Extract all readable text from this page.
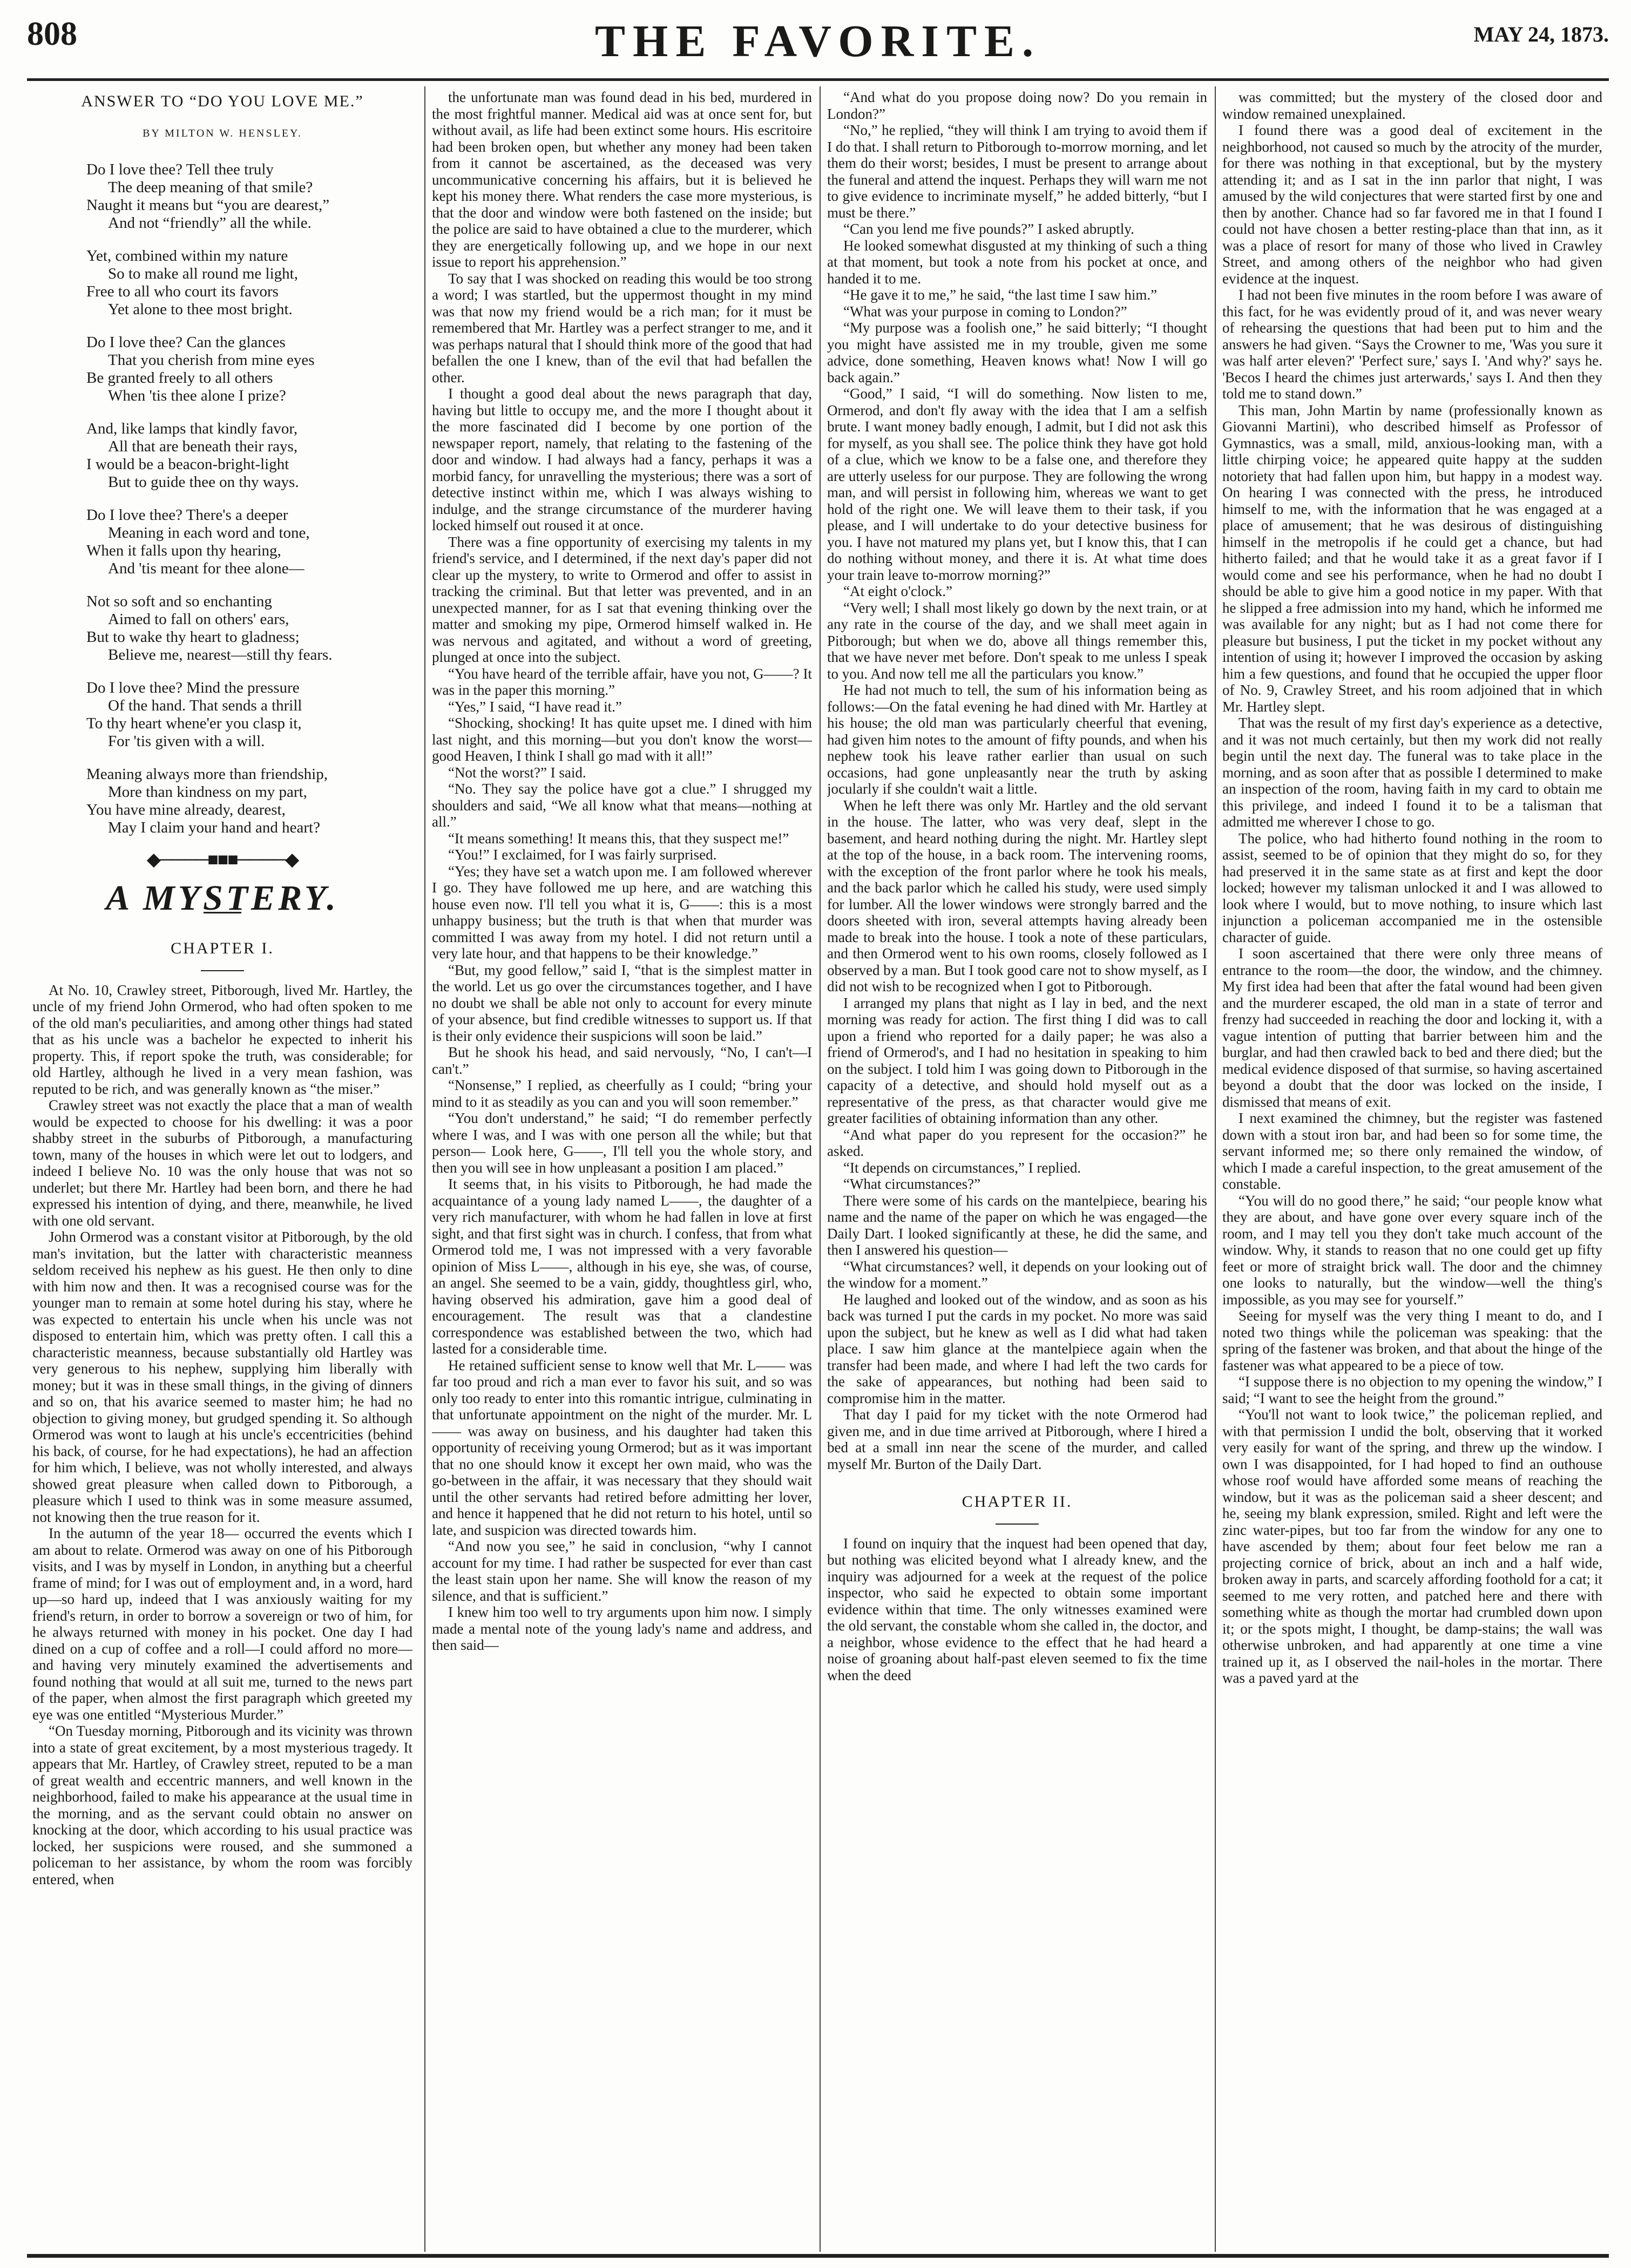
808	THE FAVORITE.	MAY 24, 1873.
ANSWER TO “DO YOU LOVE ME.”
BY MILTON W. HENSLEY.
Do I love thee? Tell thee truly
The deep meaning of that smile?
Naught it means but “you are dearest,”
And not “friendly” all the while.
Yet, combined within my nature
So to make all round me light,
Free to all who court its favors
Yet alone to thee most bright.
Do I love thee? Can the glances
That you cherish from mine eyes
Be granted freely to all others
When 'tis thee alone I prize?
And, like lamps that kindly favor,
All that are beneath their rays,
I would be a beacon-bright-light
But to guide thee on thy ways.
Do I love thee? There's a deeper
Meaning in each word and tone,
When it falls upon thy hearing,
And 'tis meant for thee alone—
Not so soft and so enchanting
Aimed to fall on others' ears,
But to wake thy heart to gladness;
Believe me, nearest—still thy fears.
Do I love thee? Mind the pressure
Of the hand. That sends a thrill
To thy heart whene'er you clasp it,
For 'tis given with a will.
Meaning always more than friendship,
More than kindness on my part,
You have mine already, dearest,
May I claim your hand and heart?
◆────■■■────◆
A MYSTERY.
CHAPTER I.

At No. 10, Crawley street, Pitborough, lived Mr. Hartley, the uncle of my friend John Ormerod, who had often spoken to me of the old man's peculiarities, and among other things had stated that as his uncle was a bachelor he expected to inherit his property. This, if report spoke the truth, was considerable; for old Hartley, although he lived in a very mean fashion, was reputed to be rich, and was generally known as “the miser.”

Crawley street was not exactly the place that a man of wealth would be expected to choose for his dwelling: it was a poor shabby street in the suburbs of Pitborough, a manufacturing town, many of the houses in which were let out to lodgers, and indeed I believe No. 10 was the only house that was not so underlet; but there Mr. Hartley had been born, and there he had expressed his intention of dying, and there, meanwhile, he lived with one old servant.

John Ormerod was a constant visitor at Pitborough, by the old man's invitation, but the latter with characteristic meanness seldom received his nephew as his guest. He then only to dine with him now and then. It was a recognised course was for the younger man to remain at some hotel during his stay, where he was expected to entertain his uncle when his uncle was not disposed to entertain him, which was pretty often. I call this a characteristic meanness, because substantially old Hartley was very generous to his nephew, supplying him liberally with money; but it was in these small things, in the giving of dinners and so on, that his avarice seemed to master him; he had no objection to giving money, but grudged spending it. So although Ormerod was wont to laugh at his uncle's eccentricities (behind his back, of course, for he had expectations), he had an affection for him which, I believe, was not wholly interested, and always showed great pleasure when called down to Pitborough, a pleasure which I used to think was in some measure assumed, not knowing then the true reason for it.

In the autumn of the year 18— occurred the events which I am about to relate. Ormerod was away on one of his Pitborough visits, and I was by myself in London, in anything but a cheerful frame of mind; for I was out of employment and, in a word, hard up—so hard up, indeed that I was anxiously waiting for my friend's return, in order to borrow a sovereign or two of him, for he always returned with money in his pocket. One day I had dined on a cup of coffee and a roll—I could afford no more—and having very minutely examined the advertisements and found nothing that would at all suit me, turned to the news part of the paper, when almost the first paragraph which greeted my eye was one entitled “Mysterious Murder.”

“On Tuesday morning, Pitborough and its vicinity was thrown into a state of great excitement, by a most mysterious tragedy. It appears that Mr. Hartley, of Crawley street, reputed to be a man of great wealth and eccentric manners, and well known in the neighborhood, failed to make his appearance at the usual time in the morning, and as the servant could obtain no answer on knocking at the door, which according to his usual practice was locked, her suspicions were roused, and she summoned a policeman to her assistance, by whom the room was forcibly entered, when

the unfortunate man was found dead in his bed, murdered in the most frightful manner. Medical aid was at once sent for, but without avail, as life had been extinct some hours. His escritoire had been broken open, but whether any money had been taken from it cannot be ascertained, as the deceased was very uncommunicative concerning his affairs, but it is believed he kept his money there. What renders the case more mysterious, is that the door and window were both fastened on the inside; but the police are said to have obtained a clue to the murderer, which they are energetically following up, and we hope in our next issue to report his apprehension.”

To say that I was shocked on reading this would be too strong a word; I was startled, but the uppermost thought in my mind was that now my friend would be a rich man; for it must be remembered that Mr. Hartley was a perfect stranger to me, and it was perhaps natural that I should think more of the good that had befallen the one I knew, than of the evil that had befallen the other.

I thought a good deal about the news paragraph that day, having but little to occupy me, and the more I thought about it the more fascinated did I become by one portion of the newspaper report, namely, that relating to the fastening of the door and window. I had always had a fancy, perhaps it was a morbid fancy, for unravelling the mysterious; there was a sort of detective instinct within me, which I was always wishing to indulge, and the strange circumstance of the murderer having locked himself out roused it at once.

There was a fine opportunity of exercising my talents in my friend's service, and I determined, if the next day's paper did not clear up the mystery, to write to Ormerod and offer to assist in tracking the criminal. But that letter was prevented, and in an unexpected manner, for as I sat that evening thinking over the matter and smoking my pipe, Ormerod himself walked in. He was nervous and agitated, and without a word of greeting, plunged at once into the subject.

“You have heard of the terrible affair, have you not, G——? It was in the paper this morning.”

“Yes,” I said, “I have read it.”

“Shocking, shocking! It has quite upset me. I dined with him last night, and this morning—but you don't know the worst—good Heaven, I think I shall go mad with it all!”

“Not the worst?” I said.

“No. They say the police have got a clue.” I shrugged my shoulders and said, “We all know what that means—nothing at all.”

“It means something! It means this, that they suspect me!”

“You!” I exclaimed, for I was fairly surprised.

“Yes; they have set a watch upon me. I am followed wherever I go. They have followed me up here, and are watching this house even now. I'll tell you what it is, G——: this is a most unhappy business; but the truth is that when that murder was committed I was away from my hotel. I did not return until a very late hour, and that happens to be their knowledge.”

“But, my good fellow,” said I, “that is the simplest matter in the world. Let us go over the circumstances together, and I have no doubt we shall be able not only to account for every minute of your absence, but find credible witnesses to support us. If that is their only evidence their suspicions will soon be laid.”

But he shook his head, and said nervously, “No, I can't—I can't.”

“Nonsense,” I replied, as cheerfully as I could; “bring your mind to it as steadily as you can and you will soon remember.”

“You don't understand,” he said; “I do remember perfectly where I was, and I was with one person all the while; but that person— Look here, G——, I'll tell you the whole story, and then you will see in how unpleasant a position I am placed.”

It seems that, in his visits to Pitborough, he had made the acquaintance of a young lady named L——, the daughter of a very rich manufacturer, with whom he had fallen in love at first sight, and that first sight was in church. I confess, that from what Ormerod told me, I was not impressed with a very favorable opinion of Miss L——, although in his eye, she was, of course, an angel. She seemed to be a vain, giddy, thoughtless girl, who, having observed his admiration, gave him a good deal of encouragement. The result was that a clandestine correspondence was established between the two, which had lasted for a considerable time.

He retained sufficient sense to know well that Mr. L—— was far too proud and rich a man ever to favor his suit, and so was only too ready to enter into this romantic intrigue, culminating in that unfortunate appointment on the night of the murder. Mr. L—— was away on business, and his daughter had taken this opportunity of receiving young Ormerod; but as it was important that no one should know it except her own maid, who was the go-between in the affair, it was necessary that they should wait until the other servants had retired before admitting her lover, and hence it happened that he did not return to his hotel, until so late, and suspicion was directed towards him.

“And now you see,” he said in conclusion, “why I cannot account for my time. I had rather be suspected for ever than cast the least stain upon her name. She will know the reason of my silence, and that is sufficient.”

I knew him too well to try arguments upon him now. I simply made a mental note of the young lady's name and address, and then said—

“And what do you propose doing now? Do you remain in London?”

“No,” he replied, “they will think I am trying to avoid them if I do that. I shall return to Pitborough to-morrow morning, and let them do their worst; besides, I must be present to arrange about the funeral and attend the inquest. Perhaps they will warn me not to give evidence to incriminate myself,” he added bitterly, “but I must be there.”

“Can you lend me five pounds?” I asked abruptly.

He looked somewhat disgusted at my thinking of such a thing at that moment, but took a note from his pocket at once, and handed it to me.

“He gave it to me,” he said, “the last time I saw him.”

“What was your purpose in coming to London?”

“My purpose was a foolish one,” he said bitterly; “I thought you might have assisted me in my trouble, given me some advice, done something, Heaven knows what! Now I will go back again.”

“Good,” I said, “I will do something. Now listen to me, Ormerod, and don't fly away with the idea that I am a selfish brute. I want money badly enough, I admit, but I did not ask this for myself, as you shall see. The police think they have got hold of a clue, which we know to be a false one, and therefore they are utterly useless for our purpose. They are following the wrong man, and will persist in following him, whereas we want to get hold of the right one. We will leave them to their task, if you please, and I will undertake to do your detective business for you. I have not matured my plans yet, but I know this, that I can do nothing without money, and there it is. At what time does your train leave to-morrow morning?”

“At eight o'clock.”

“Very well; I shall most likely go down by the next train, or at any rate in the course of the day, and we shall meet again in Pitborough; but when we do, above all things remember this, that we have never met before. Don't speak to me unless I speak to you. And now tell me all the particulars you know.”

He had not much to tell, the sum of his information being as follows:—On the fatal evening he had dined with Mr. Hartley at his house; the old man was particularly cheerful that evening, had given him notes to the amount of fifty pounds, and when his nephew took his leave rather earlier than usual on such occasions, had gone unpleasantly near the truth by asking jocularly if she couldn't wait a little.

When he left there was only Mr. Hartley and the old servant in the house. The latter, who was very deaf, slept in the basement, and heard nothing during the night. Mr. Hartley slept at the top of the house, in a back room. The intervening rooms, with the exception of the front parlor where he took his meals, and the back parlor which he called his study, were used simply for lumber. All the lower windows were strongly barred and the doors sheeted with iron, several attempts having already been made to break into the house. I took a note of these particulars, and then Ormerod went to his own rooms, closely followed as I observed by a man. But I took good care not to show myself, as I did not wish to be recognized when I got to Pitborough.

I arranged my plans that night as I lay in bed, and the next morning was ready for action. The first thing I did was to call upon a friend who reported for a daily paper; he was also a friend of Ormerod's, and I had no hesitation in speaking to him on the subject. I told him I was going down to Pitborough in the capacity of a detective, and should hold myself out as a representative of the press, as that character would give me greater facilities of obtaining information than any other.

“And what paper do you represent for the occasion?” he asked.

“It depends on circumstances,” I replied.

“What circumstances?”

There were some of his cards on the mantelpiece, bearing his name and the name of the paper on which he was engaged—the Daily Dart. I looked significantly at these, he did the same, and then I answered his question—

“What circumstances? well, it depends on your looking out of the window for a moment.”

He laughed and looked out of the window, and as soon as his back was turned I put the cards in my pocket. No more was said upon the subject, but he knew as well as I did what had taken place. I saw him glance at the mantelpiece again when the transfer had been made, and where I had left the two cards for the sake of appearances, but nothing had been said to compromise him in the matter.

That day I paid for my ticket with the note Ormerod had given me, and in due time arrived at Pitborough, where I hired a bed at a small inn near the scene of the murder, and called myself Mr. Burton of the Daily Dart.

CHAPTER II.

I found on inquiry that the inquest had been opened that day, but nothing was elicited beyond what I already knew, and the inquiry was adjourned for a week at the request of the police inspector, who said he expected to obtain some important evidence within that time. The only witnesses examined were the old servant, the constable whom she called in, the doctor, and a neighbor, whose evidence to the effect that he had heard a noise of groaning about half-past eleven seemed to fix the time when the deed

was committed; but the mystery of the closed door and window remained unexplained.

I found there was a good deal of excitement in the neighborhood, not caused so much by the atrocity of the murder, for there was nothing in that exceptional, but by the mystery attending it; and as I sat in the inn parlor that night, I was amused by the wild conjectures that were started first by one and then by another. Chance had so far favored me in that I found I could not have chosen a better resting-place than that inn, as it was a place of resort for many of those who lived in Crawley Street, and among others of the neighbor who had given evidence at the inquest.

I had not been five minutes in the room before I was aware of this fact, for he was evidently proud of it, and was never weary of rehearsing the questions that had been put to him and the answers he had given. “Says the Crowner to me, 'Was you sure it was half arter eleven?' 'Perfect sure,' says I. 'And why?' says he. 'Becos I heard the chimes just arterwards,' says I. And then they told me to stand down.”

This man, John Martin by name (professionally known as Giovanni Martini), who described himself as Professor of Gymnastics, was a small, mild, anxious-looking man, with a little chirping voice; he appeared quite happy at the sudden notoriety that had fallen upon him, but happy in a modest way. On hearing I was connected with the press, he introduced himself to me, with the information that he was engaged at a place of amusement; that he was desirous of distinguishing himself in the metropolis if he could get a chance, but had hitherto failed; and that he would take it as a great favor if I would come and see his performance, when he had no doubt I should be able to give him a good notice in my paper. With that he slipped a free admission into my hand, which he informed me was available for any night; but as I had not come there for pleasure but business, I put the ticket in my pocket without any intention of using it; however I improved the occasion by asking him a few questions, and found that he occupied the upper floor of No. 9, Crawley Street, and his room adjoined that in which Mr. Hartley slept.

That was the result of my first day's experience as a detective, and it was not much certainly, but then my work did not really begin until the next day. The funeral was to take place in the morning, and as soon after that as possible I determined to make an inspection of the room, having faith in my card to obtain me this privilege, and indeed I found it to be a talisman that admitted me wherever I chose to go.

The police, who had hitherto found nothing in the room to assist, seemed to be of opinion that they might do so, for they had preserved it in the same state as at first and kept the door locked; however my talisman unlocked it and I was allowed to look where I would, but to move nothing, to insure which last injunction a policeman accompanied me in the ostensible character of guide.

I soon ascertained that there were only three means of entrance to the room—the door, the window, and the chimney. My first idea had been that after the fatal wound had been given and the murderer escaped, the old man in a state of terror and frenzy had succeeded in reaching the door and locking it, with a vague intention of putting that barrier between him and the burglar, and had then crawled back to bed and there died; but the medical evidence disposed of that surmise, so having ascertained beyond a doubt that the door was locked on the inside, I dismissed that means of exit.

I next examined the chimney, but the register was fastened down with a stout iron bar, and had been so for some time, the servant informed me; so there only remained the window, of which I made a careful inspection, to the great amusement of the constable.

“You will do no good there,” he said; “our people know what they are about, and have gone over every square inch of the room, and I may tell you they don't take much account of the window. Why, it stands to reason that no one could get up fifty feet or more of straight brick wall. The door and the chimney one looks to naturally, but the window—well the thing's impossible, as you may see for yourself.”

Seeing for myself was the very thing I meant to do, and I noted two things while the policeman was speaking: that the spring of the fastener was broken, and that about the hinge of the fastener was what appeared to be a piece of tow.

“I suppose there is no objection to my opening the window,” I said; “I want to see the height from the ground.”

“You'll not want to look twice,” the policeman replied, and with that permission I undid the bolt, observing that it worked very easily for want of the spring, and threw up the window. I own I was disappointed, for I had hoped to find an outhouse whose roof would have afforded some means of reaching the window, but it was as the policeman said a sheer descent; and he, seeing my blank expression, smiled. Right and left were the zinc water-pipes, but too far from the window for any one to have ascended by them; about four feet below me ran a projecting cornice of brick, about an inch and a half wide, broken away in parts, and scarcely affording foothold for a cat; it seemed to me very rotten, and patched here and there with something white as though the mortar had crumbled down upon it; or the spots might, I thought, be damp-stains; the wall was otherwise unbroken, and had apparently at one time a vine trained up it, as I observed the nail-holes in the mortar. There was a paved yard at the
